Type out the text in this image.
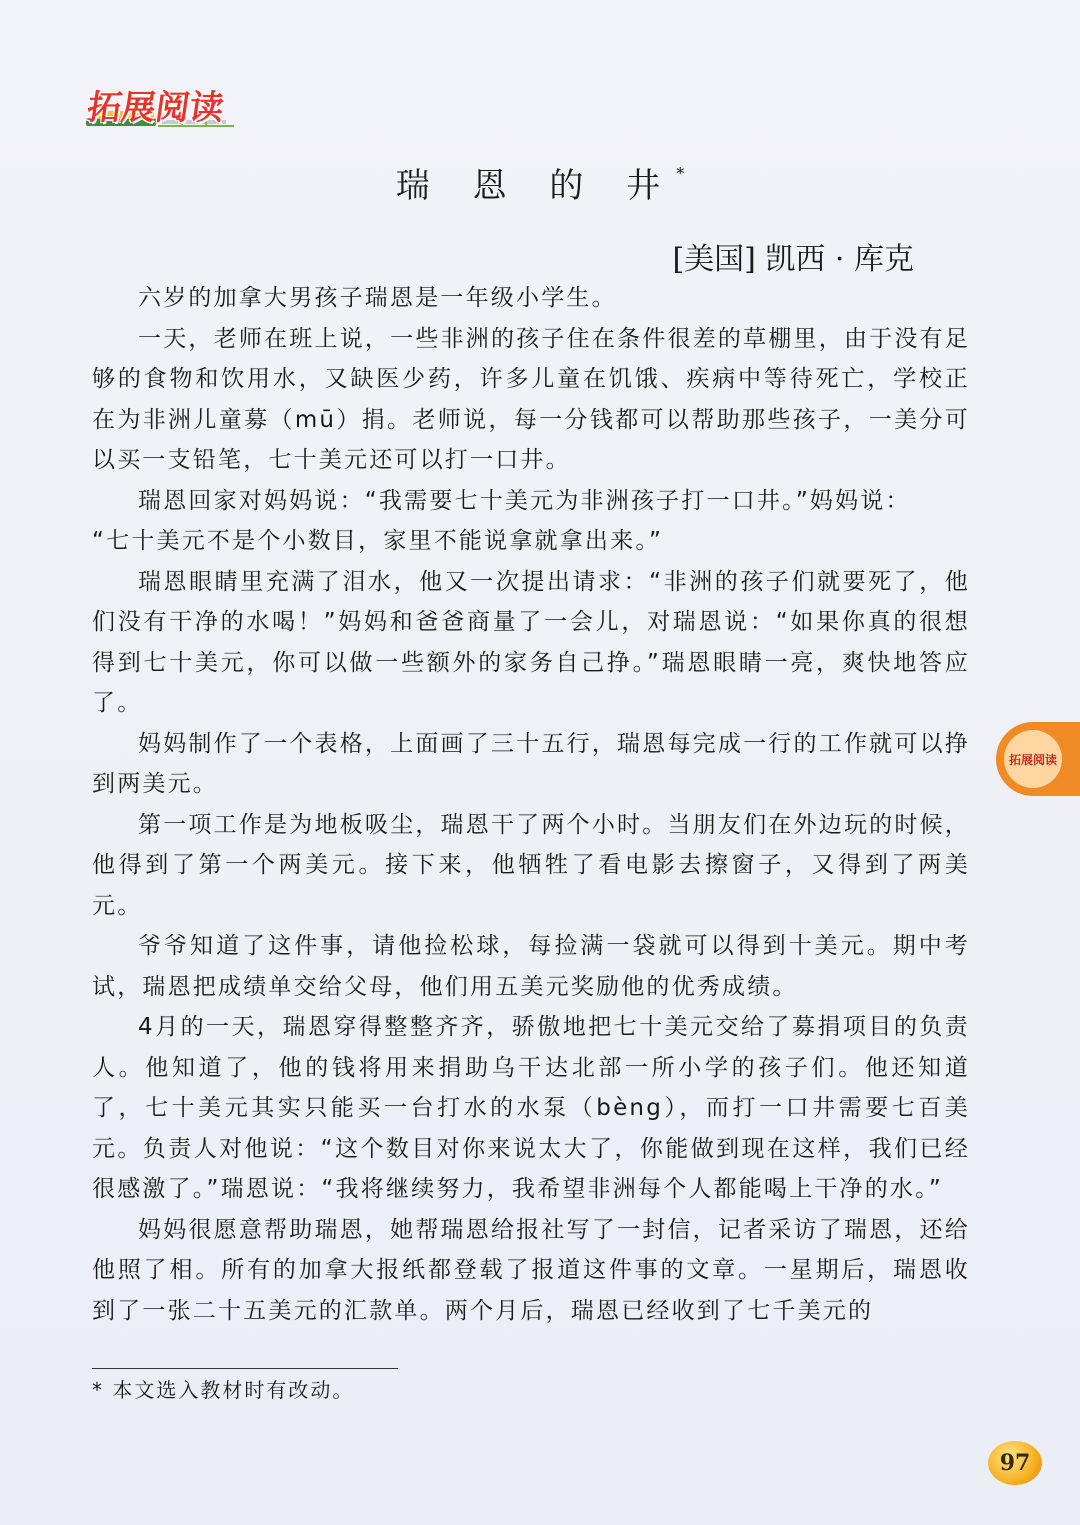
拓展阅读
瑞 恩 的 井*
[美国] 凯西 · 库克

六岁的加拿大男孩子瑞恩是一年级小学生。

一天，老师在班上说，一些非洲的孩子住在条件很差的草棚里，由于没有足够的食物和饮用水，又缺医少药，许多儿童在饥饿、疾病中等待死亡，学校正在为非洲儿童募（mū）捐。老师说，每一分钱都可以帮助那些孩子，一美分可以买一支铅笔，七十美元还可以打一口井。

瑞恩回家对妈妈说：“我需要七十美元为非洲孩子打一口井。”妈妈说：

“七十美元不是个小数目，家里不能说拿就拿出来。”

瑞恩眼睛里充满了泪水，他又一次提出请求：“非洲的孩子们就要死了，他们没有干净的水喝！”妈妈和爸爸商量了一会儿，对瑞恩说：“如果你真的很想得到七十美元，你可以做一些额外的家务自己挣。”瑞恩眼睛一亮，爽快地答应了。

妈妈制作了一个表格，上面画了三十五行，瑞恩每完成一行的工作就可以挣到两美元。

第一项工作是为地板吸尘，瑞恩干了两个小时。当朋友们在外边玩的时候，他得到了第一个两美元。接下来，他牺牲了看电影去擦窗子，又得到了两美元。

爷爷知道了这件事，请他捡松球，每捡满一袋就可以得到十美元。期中考试，瑞恩把成绩单交给父母，他们用五美元奖励他的优秀成绩。

4月的一天，瑞恩穿得整整齐齐，骄傲地把七十美元交给了募捐项目的负责人。他知道了，他的钱将用来捐助乌干达北部一所小学的孩子们。他还知道了，七十美元其实只能买一台打水的水泵（bèng），而打一口井需要七百美元。负责人对他说：“这个数目对你来说太大了，你能做到现在这样，我们已经很感激了。”瑞恩说：“我将继续努力，我希望非洲每个人都能喝上干净的水。”

妈妈很愿意帮助瑞恩，她帮瑞恩给报社写了一封信，记者采访了瑞恩，还给他照了相。所有的加拿大报纸都登载了报道这件事的文章。一星期后，瑞恩收到了一张二十五美元的汇款单。两个月后，瑞恩已经收到了七千美元的

* 本文选入教材时有改动。
拓展阅读
97
